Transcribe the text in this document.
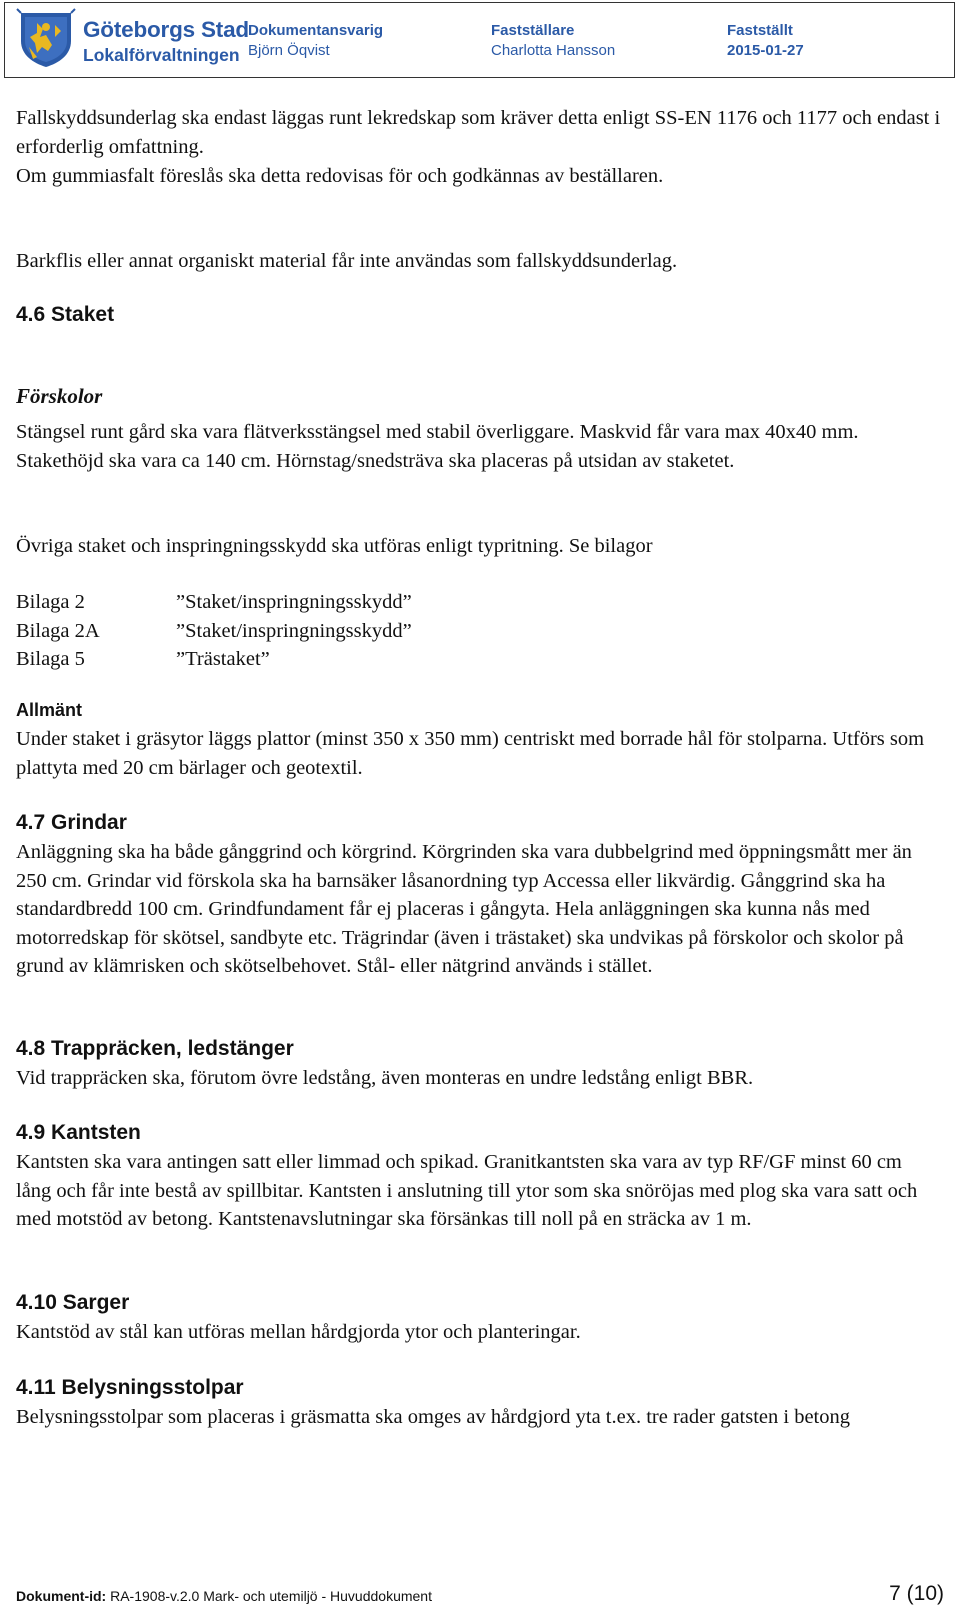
Göteborgs Stad
Lokalförvaltningen
Dokumentansvarig
Björn Öqvist
Fastställare
Charlotta Hansson
Fastställt
2015-01-27

Fallskyddsunderlag ska endast läggas runt lekredskap som kräver detta enligt SS-EN 1176 och 1177 och endast i erforderlig omfattning.

Om gummiasfalt föreslås ska detta redovisas för och godkännas av beställaren.

Barkflis eller annat organiskt material får inte användas som fallskyddsunderlag.

4.6 Staket
Förskolor

Stängsel runt gård ska vara flätverksstängsel med stabil överliggare. Maskvid får vara max 40x40 mm. Stakethöjd ska vara ca 140 cm. Hörnstag/snedsträva ska placeras på utsidan av staketet.

Övriga staket och inspringningsskydd ska utföras enligt typritning. Se bilagor

Bilaga 2	”Staket/inspringningsskydd”
Bilaga 2A	”Staket/inspringningsskydd”
Bilaga 5	”Trästaket”
Allmänt

Under staket i gräsytor läggs plattor (minst 350 x 350 mm) centriskt med borrade hål för stolparna. Utförs som plattyta med 20 cm bärlager och geotextil.

4.7 Grindar

Anläggning ska ha både gånggrind och körgrind. Körgrinden ska vara dubbelgrind med öppningsmått mer än 250 cm. Grindar vid förskola ska ha barnsäker låsanordning typ Accessa eller likvärdig. Gånggrind ska ha standardbredd 100 cm. Grindfundament får ej placeras i gångyta. Hela anläggningen ska kunna nås med motorredskap för skötsel, sandbyte etc. Trägrindar (även i trästaket) ska undvikas på förskolor och skolor på grund av klämrisken och skötselbehovet. Stål- eller nätgrind används i stället.

4.8 Trappräcken, ledstänger

Vid trappräcken ska, förutom övre ledstång, även monteras en undre ledstång enligt BBR.

4.9 Kantsten

Kantsten ska vara antingen satt eller limmad och spikad. Granitkantsten ska vara av typ RF/GF minst 60 cm lång och får inte bestå av spillbitar. Kantsten i anslutning till ytor som ska snöröjas med plog ska vara satt och med motstöd av betong. Kantstenavslutningar ska försänkas till noll på en sträcka av 1 m.

4.10 Sarger

Kantstöd av stål kan utföras mellan hårdgjorda ytor och planteringar.

4.11 Belysningsstolpar

Belysningsstolpar som placeras i gräsmatta ska omges av hårdgjord yta t.ex. tre rader gatsten i betong

Dokument-id: RA-1908-v.2.0 Mark- och utemiljö - Huvuddokument	7 (10)
